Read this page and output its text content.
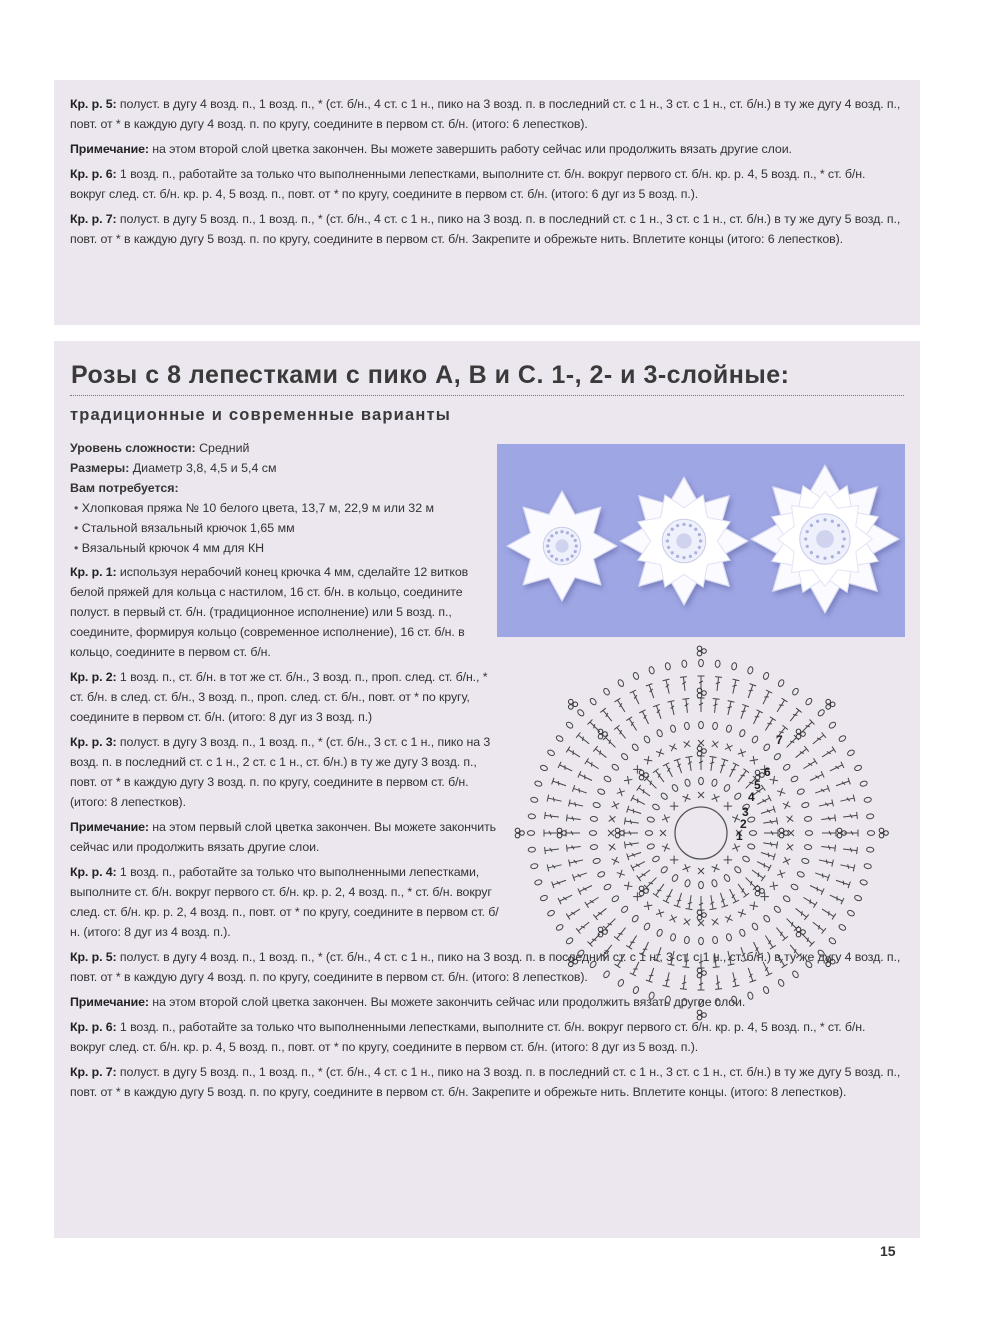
Кр. р. 5: полуст. в дугу 4 возд. п., 1 возд. п., * (ст. б/н., 4 ст. с 1 н., пико на 3 возд. п. в последний ст. с 1 н., 3 ст. с 1 н., ст. б/н.) в ту же дугу 4 возд. п., повт. от * в каждую дугу 4 возд. п. по кругу, соедините в первом ст. б/н. (итого: 6 лепестков).

Примечание: на этом второй слой цветка закончен. Вы можете завершить работу сейчас или продолжить вязать другие слои.

Кр. р. 6: 1 возд. п., работайте за только что выполненными лепестками, выполните ст. б/н. вокруг первого ст. б/н. кр. р. 4, 5 возд. п., * ст. б/н. вокруг след. ст. б/н. кр. р. 4, 5 возд. п., повт. от * по кругу, соедините в первом ст. б/н. (итого: 6 дуг из 5 возд. п.).

Кр. р. 7: полуст. в дугу 5 возд. п., 1 возд. п., * (ст. б/н., 4 ст. с 1 н., пико на 3 возд. п. в последний ст. с 1 н., 3 ст. с 1 н., ст. б/н.) в ту же дугу 5 возд. п., повт. от * в каждую дугу 5 возд. п. по кругу, соедините в первом ст. б/н. Закрепите и обрежьте нить. Вплетите концы (итого: 6 лепестков).

Розы с 8 лепестками с пико A, B и C. 1-, 2- и 3-слойные:
традиционные и современные варианты

Уровень сложности: Средний

Размеры: Диаметр 3,8, 4,5 и 5,4 см

Вам потребуется:

• Хлопковая пряжа № 10 белого цвета, 13,7 м, 22,9 м или 32 м
• Стальной вязальный крючок 1,65 мм
• Вязальный крючок 4 мм для КН

Кр. р. 1: используя нерабочий конец крючка 4 мм, сделайте 12 витков белой пряжей для кольца с настилом, 16 ст. б/н. в кольцо, соедините полуст. в первый ст. б/н. (традиционное исполнение) или 5 возд. п., соедините, формируя кольцо (современное исполнение), 16 ст. б/н. в кольцо, соедините в первом ст. б/н.

Кр. р. 2: 1 возд. п., ст. б/н. в тот же ст. б/н., 3 возд. п., проп. след. ст. б/н., * ст. б/н. в след. ст. б/н., 3 возд. п., проп. след. ст. б/н., повт. от * по кругу, соедините в первом ст. б/н. (итого: 8 дуг из 3 возд. п.)

Кр. р. 3: полуст. в дугу 3 возд. п., 1 возд. п., * (ст. б/н., 3 ст. с 1 н., пико на 3 возд. п. в последний ст. с 1 н., 2 ст. с 1 н., ст. б/н.) в ту же дугу 3 возд. п., повт. от * в каждую дугу 3 возд. п. по кругу, соедините в первом ст. б/н. (итого: 8 лепестков).

Примечание: на этом первый слой цветка закончен. Вы можете закончить сейчас или продолжить вязать другие слои.

Кр. р. 4: 1 возд. п., работайте за только что выполненными лепестками, выполните ст. б/н. вокруг первого ст. б/н. кр. р. 2, 4 возд. п., * ст. б/н. вокруг след. ст. б/н. кр. р. 2, 4 возд. п., повт. от * по кругу, соедините в первом ст. б/н. (итого: 8 дуг из 4 возд. п.).

Кр. р. 5: полуст. в дугу 4 возд. п., 1 возд. п., * (ст. б/н., 4 ст. с 1 н., пико на 3 возд. п. в последний ст. с 1 н., 3 ст. с 1 н., ст. б/н.) в ту же дугу 4 возд. п., повт. от * в каждую дугу 4 возд. п. по кругу, соедините в первом ст. б/н. (итого: 8 лепестков).

Примечание: на этом второй слой цветка закончен. Вы можете закончить сейчас или продолжить вязать другие слои.

Кр. р. 6: 1 возд. п., работайте за только что выполненными лепестками, выполните ст. б/н. вокруг первого ст. б/н. кр. р. 4, 5 возд. п., * ст. б/н. вокруг след. ст. б/н. кр. р. 4, 5 возд. п., повт. от * по кругу, соедините в первом ст. б/н. (итого: 8 дуг из 5 возд. п.).

Кр. р. 7: полуст. в дугу 5 возд. п., 1 возд. п., * (ст. б/н., 4 ст. с 1 н., пико на 3 возд. п. в последний ст. с 1 н., 3 ст. с 1 н., ст. б/н.) в ту же дугу 5 возд. п., повт. от * в каждую дугу 5 возд. п. по кругу, соедините в первом ст. б/н. Закрепите и обрежьте нить. Вплетите концы. (итого: 8 лепестков).

1
2
3
4
5
6
7
15
